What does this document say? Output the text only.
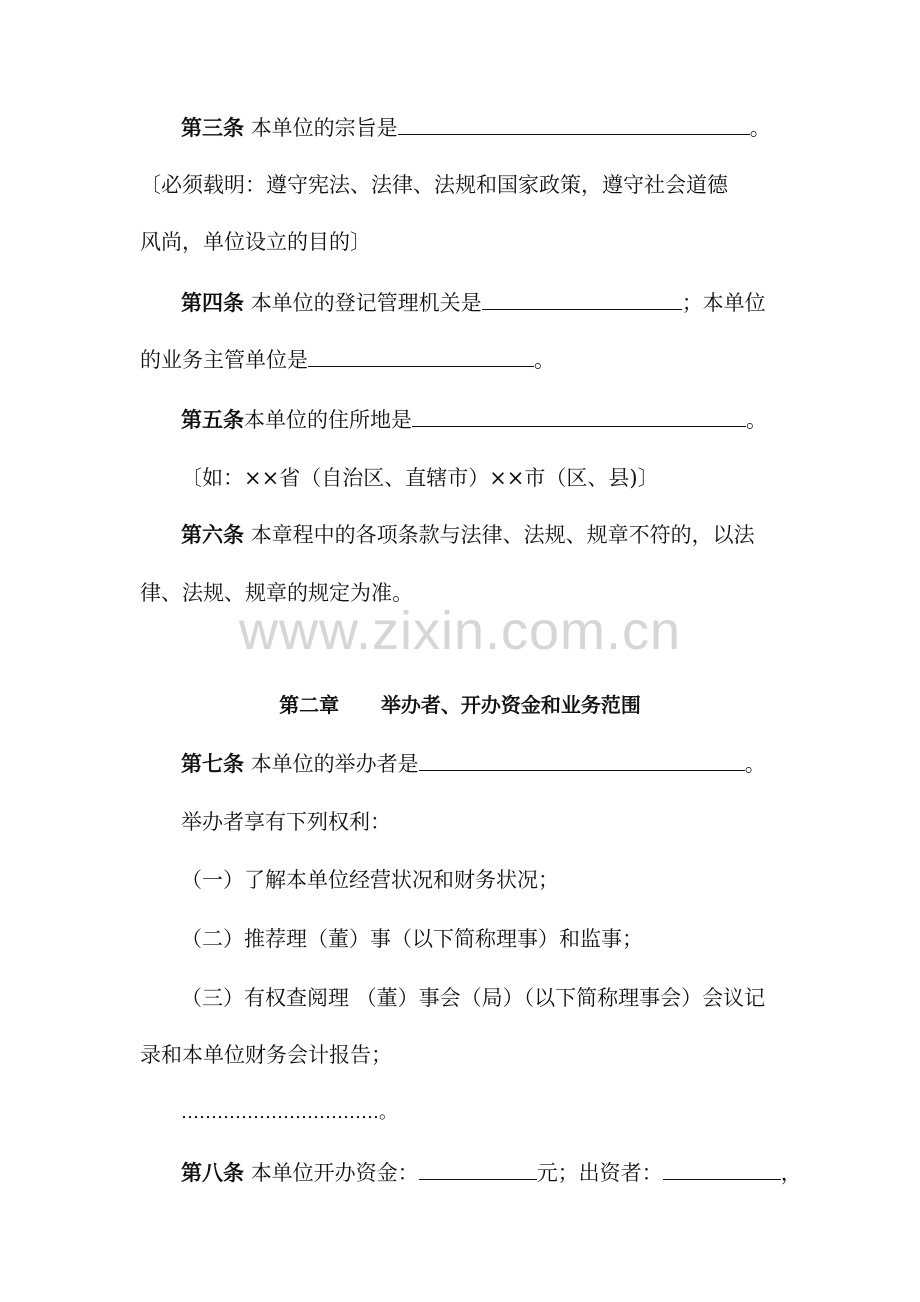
第三条 本单位的宗旨是	。
〔必须载明：遵守宪法、法律、法规和国家政策，遵守社会道德
风尚，单位设立的目的〕
第四条 本单位的登记管理机关是	；本单位
的业务主管单位是	。
第五条本单位的住所地是	。
〔如：××省（自治区、直辖市）××市（区、县)〕
第六条 本章程中的各项条款与法律、法规、规章不符的，以法
律、法规、规章的规定为准。
www.zixin.com.cn
第二章 举办者、开办资金和业务范围
第七条 本单位的举办者是	。
举办者享有下列权利：
（一）了解本单位经营状况和财务状况；
（二）推荐理（董）事（以下简称理事）和监事；
（三）有权查阅理 （董）事会（局）（以下简称理事会）会议记
录和本单位财务会计报告；
……………………………。
第八条 本单位开办资金：	元；出资者：	，
